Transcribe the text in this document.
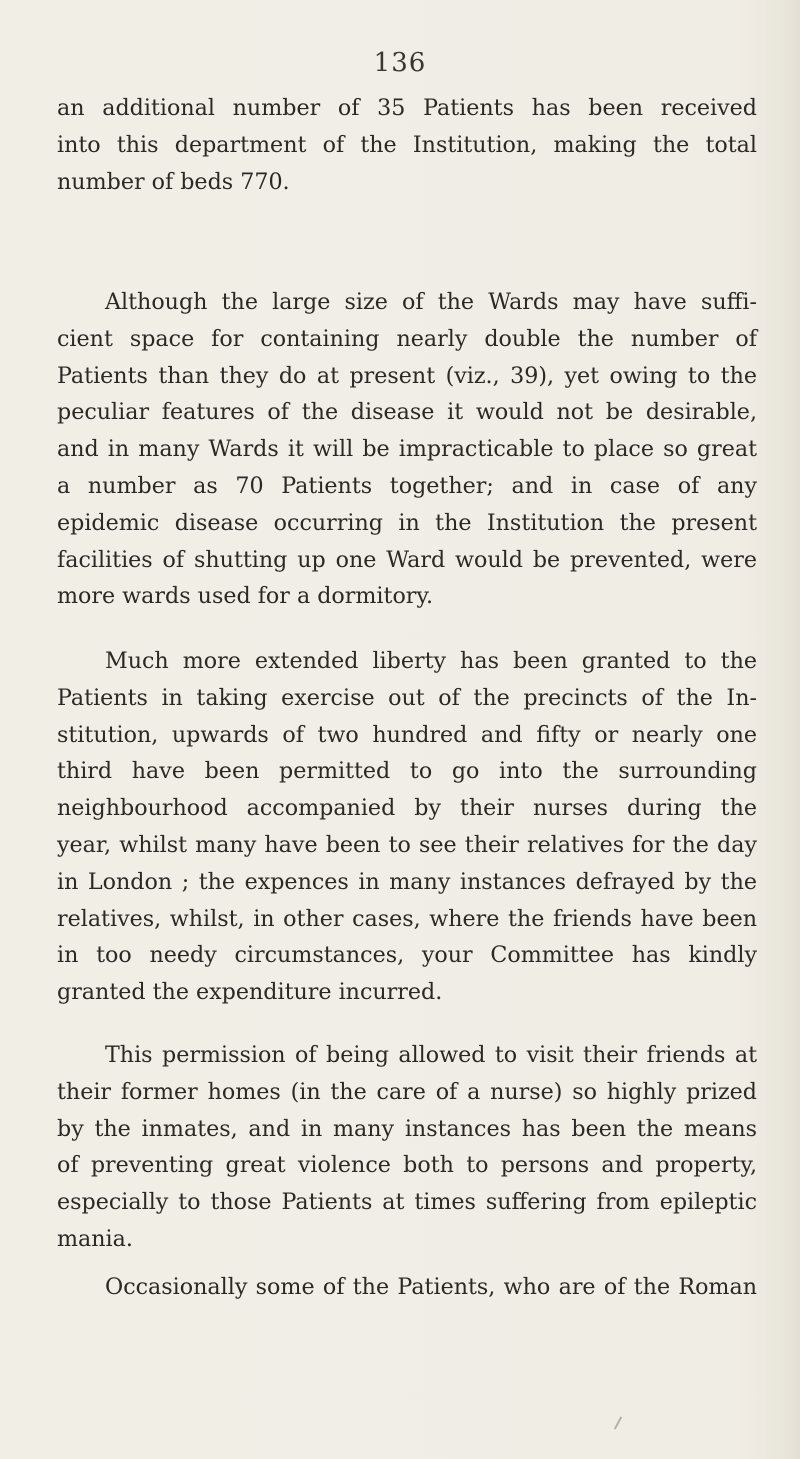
136
an additional number of 35 Patients has been received
into this department of the Institution, making the total
number of beds 770.
Although the large size of the Wards may have suffi-
cient space for containing nearly double the number of
Patients than they do at present (viz., 39), yet owing to the
peculiar features of the disease it would not be desirable,
and in many Wards it will be impracticable to place so great
a number as 70 Patients together; and in case of any
epidemic disease occurring in the Institution the present
facilities of shutting up one Ward would be prevented, were
more wards used for a dormitory.
Much more extended liberty has been granted to the
Patients in taking exercise out of the precincts of the In-
stitution, upwards of two hundred and fifty or nearly one
third have been permitted to go into the surrounding
neighbourhood accompanied by their nurses during the
year, whilst many have been to see their relatives for the day
in London ; the expences in many instances defrayed by the
relatives, whilst, in other cases, where the friends have been
in too needy circumstances, your Committee has kindly
granted the expenditure incurred.
This permission of being allowed to visit their friends at
their former homes (in the care of a nurse) so highly prized
by the inmates, and in many instances has been the means
of preventing great violence both to persons and property,
especially to those Patients at times suffering from epileptic
mania.
Occasionally some of the Patients, who are of the Roman
